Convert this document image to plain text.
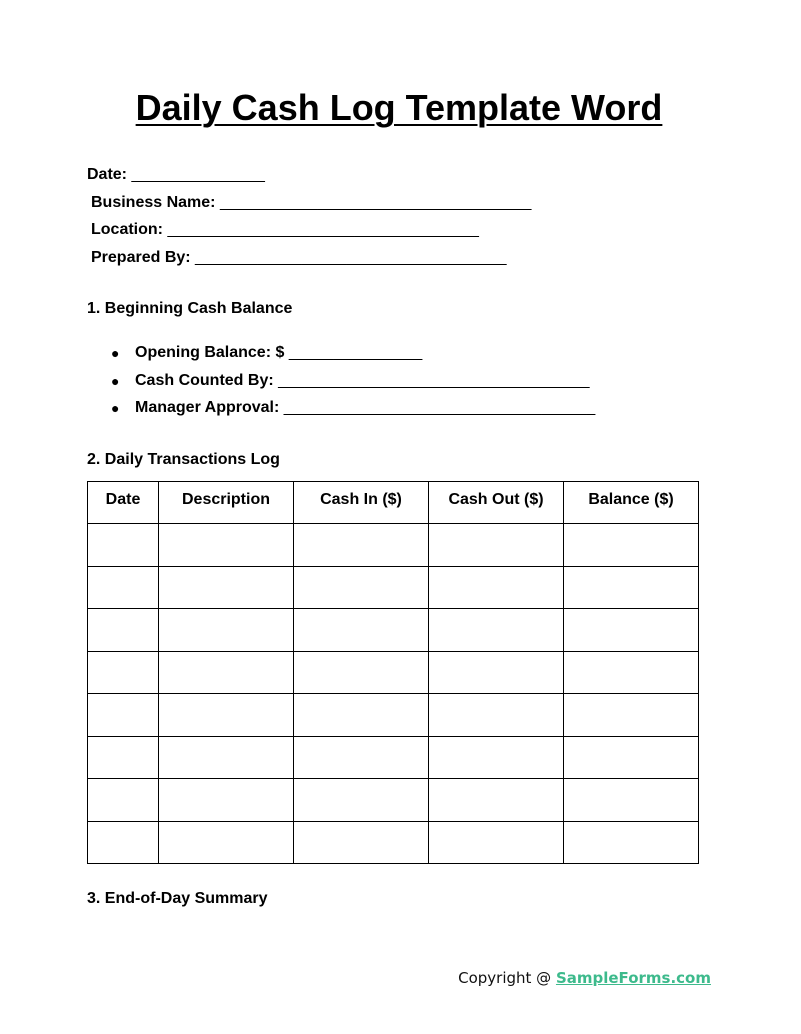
Daily Cash Log Template Word
Date: _______________
Business Name: ___________________________________
Location: ___________________________________
Prepared By: ___________________________________
1. Beginning Cash Balance

●

Opening Balance: $ _______________

●

Cash Counted By: ___________________________________

●

Manager Approval: ___________________________________

2. Daily Transactions Log
Date	Description	Cash In ($)	Cash Out ($)	Balance ($)

3. End-of-Day Summary
Copyright @ SampleForms.com
